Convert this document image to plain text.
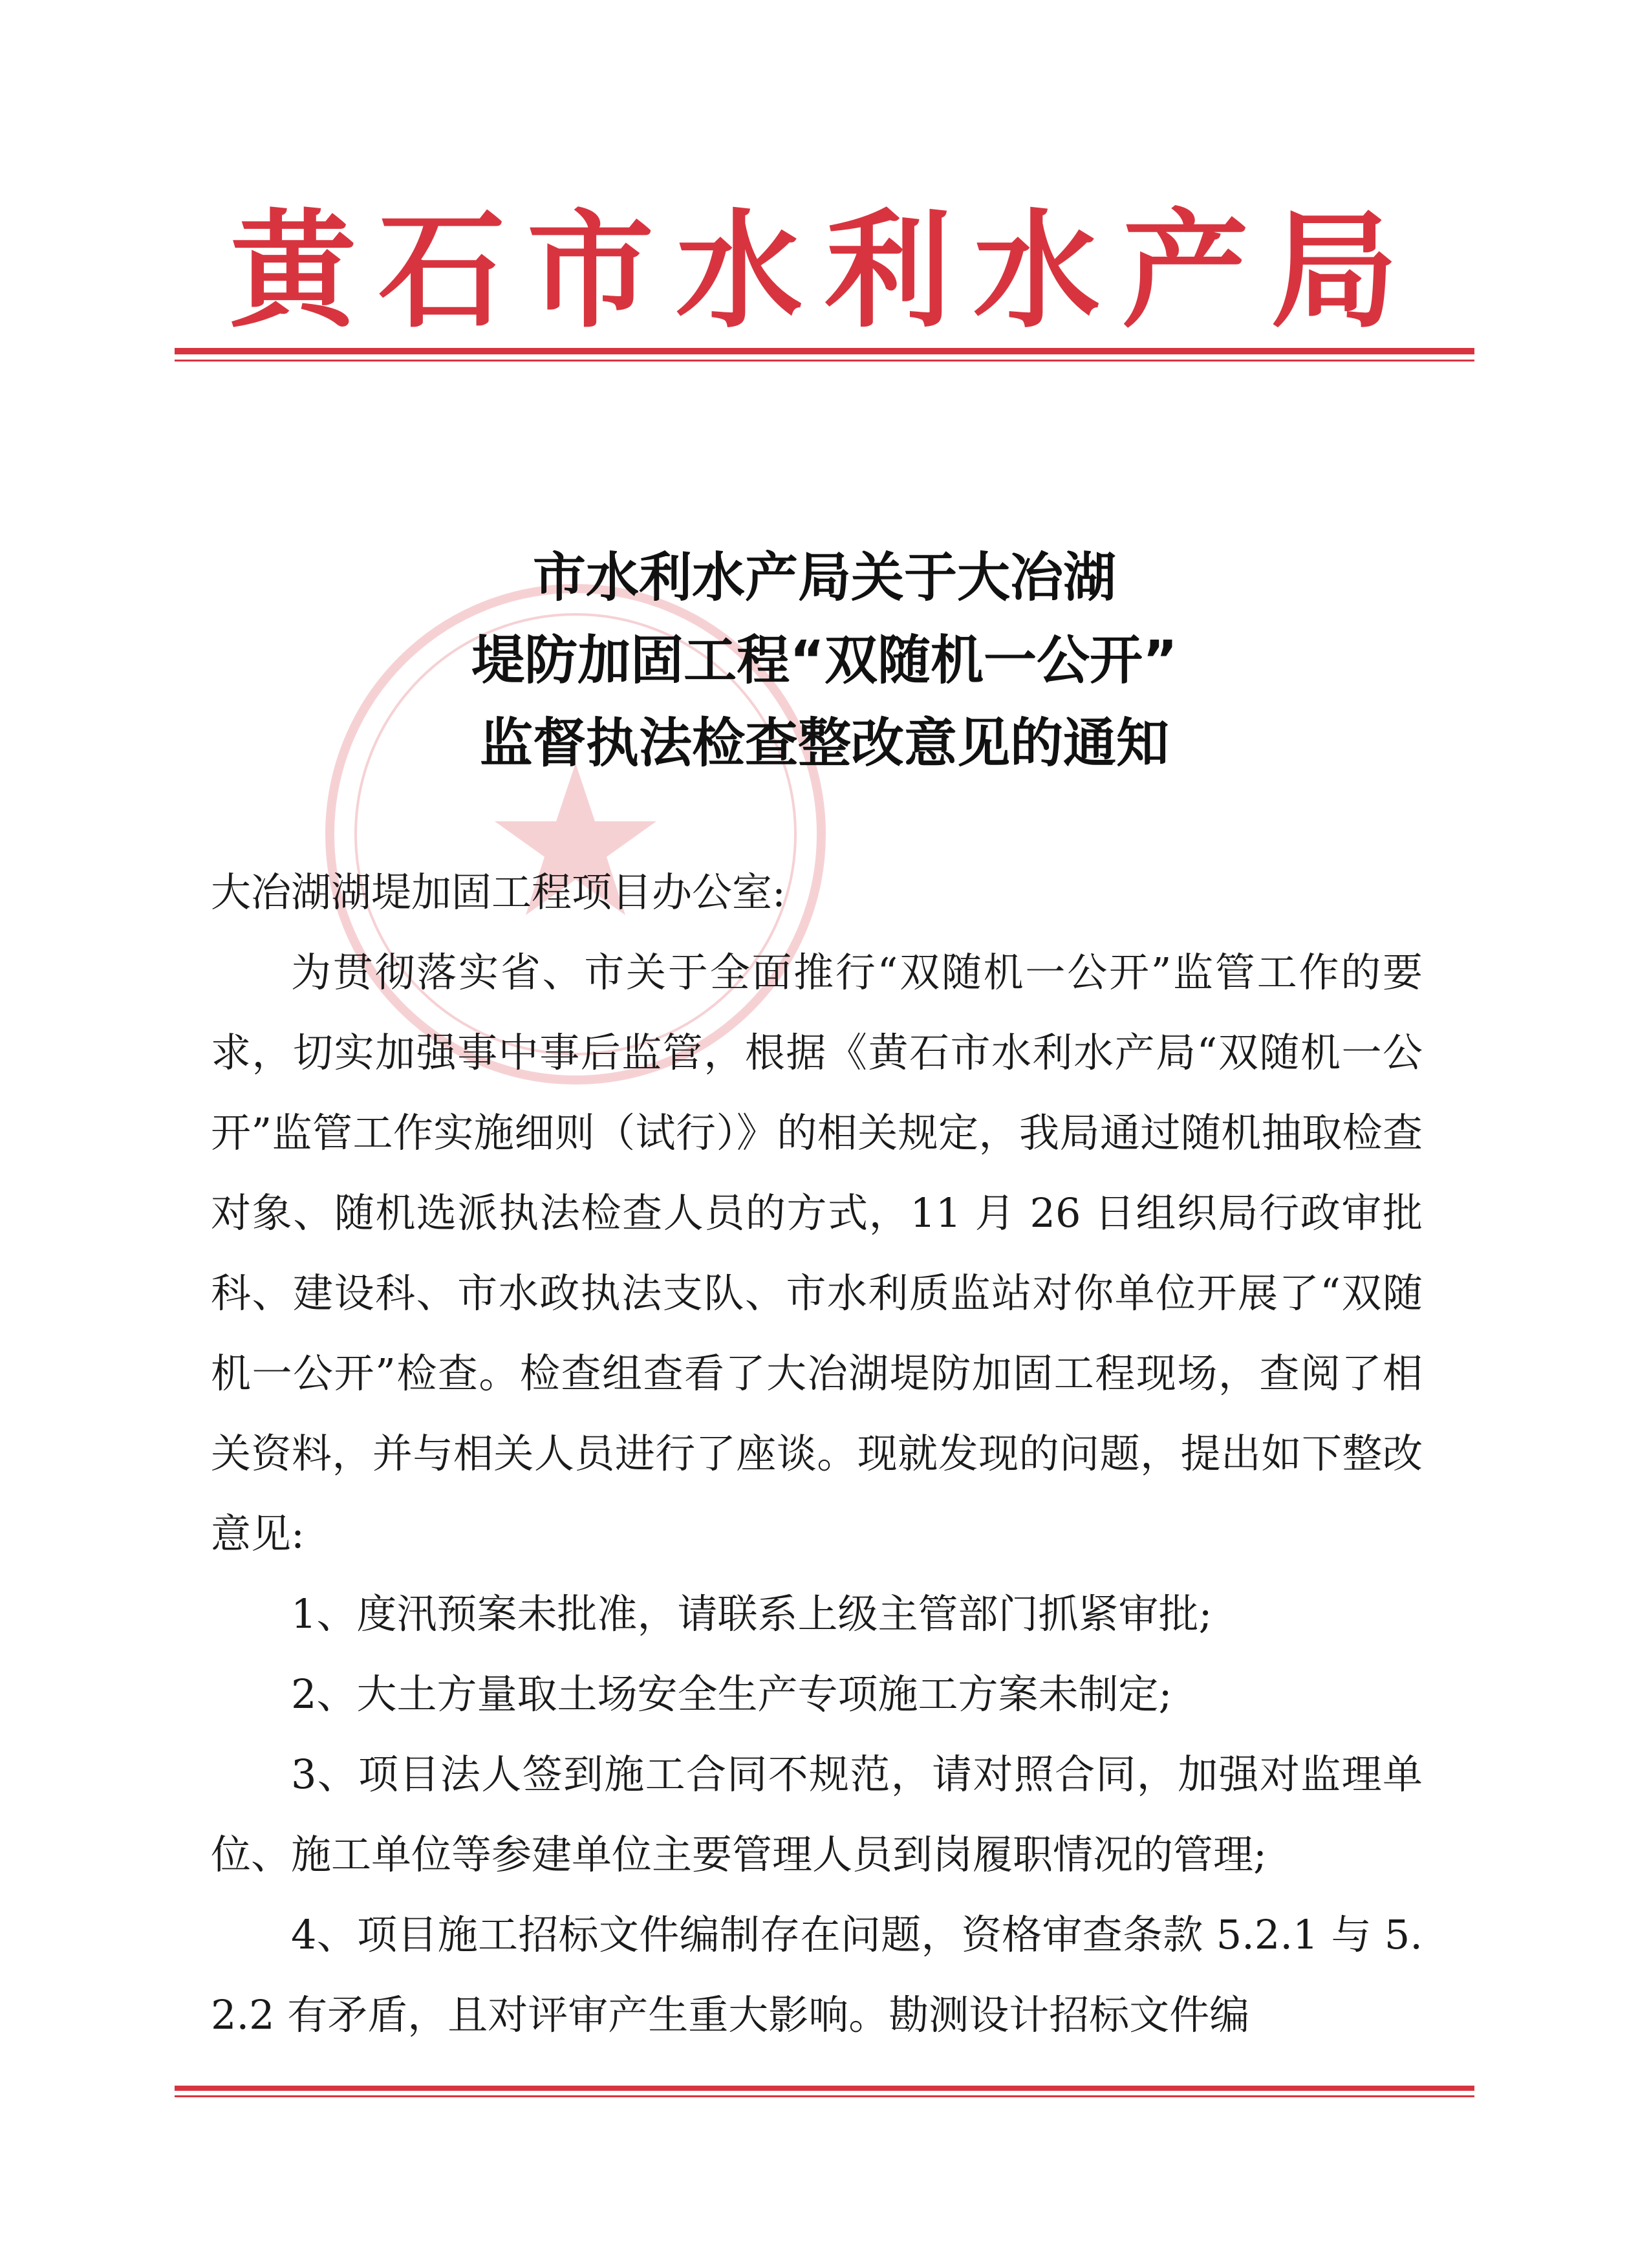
黄石市水利水产局
市水利水产局关于大冶湖
堤防加固工程“双随机一公开”
监督执法检查整改意见的通知

大冶湖湖堤加固工程项目办公室:

为贯彻落实省、市关于全面推行“双随机一公开”监管工作的要求，切实加强事中事后监管，根据《黄石市水利水产局“双随机一公开”监管工作实施细则（试行）》的相关规定，我局通过随机抽取检查对象、随机选派执法检查人员的方式，11 月 26 日组织局行政审批科、建设科、市水政执法支队、市水利质监站对你单位开展了“双随机一公开”检查。检查组查看了大冶湖堤防加固工程现场，查阅了相关资料，并与相关人员进行了座谈。现就发现的问题，提出如下整改意见:

1、度汛预案未批准，请联系上级主管部门抓紧审批;

2、大土方量取土场安全生产专项施工方案未制定;

3、项目法人签到施工合同不规范，请对照合同，加强对监理单位、施工单位等参建单位主要管理人员到岗履职情况的管理;

4、项目施工招标文件编制存在问题，资格审查条款 5.2.1 与 5.2.2 有矛盾，且对评审产生重大影响。勘测设计招标文件编
